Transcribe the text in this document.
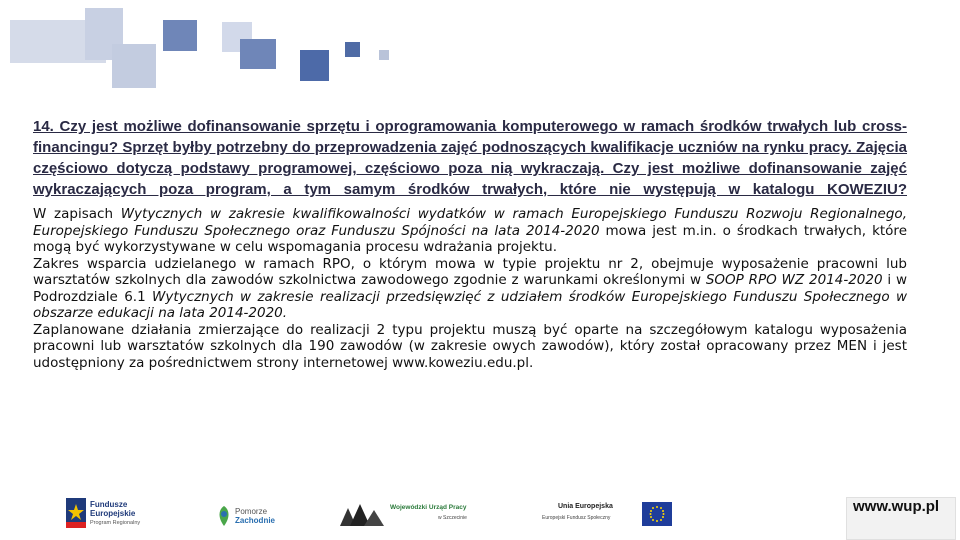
14. Czy jest możliwe dofinansowanie sprzętu i oprogramowania komputerowego w ramach środków trwałych lub cross-financingu? Sprzęt byłby potrzebny do przeprowadzenia zajęć podnoszących kwalifikacje uczniów na rynku pracy. Zajęcia częściowo dotyczą podstawy programowej, częściowo poza nią wykraczają. Czy jest możliwe dofinansowanie zajęć wykraczających poza program, a tym samym środków trwałych, które nie występują w katalogu KOWEZIU?

W zapisach Wytycznych w zakresie kwalifikowalności wydatków w ramach Europejskiego Funduszu Rozwoju Regionalnego, Europejskiego Funduszu Społecznego oraz Funduszu Spójności na lata 2014-2020 mowa jest m.in. o środkach trwałych, które mogą być wykorzystywane w celu wspomagania procesu wdrażania projektu.

Zakres wsparcia udzielanego w ramach RPO, o którym mowa w typie projektu nr 2, obejmuje wyposażenie pracowni lub warsztatów szkolnych dla zawodów szkolnictwa zawodowego zgodnie z warunkami określonymi w SOOP RPO WZ 2014-2020 i w Podrozdziale 6.1 Wytycznych w zakresie realizacji przedsięwzięć z udziałem środków Europejskiego Funduszu Społecznego w obszarze edukacji na lata 2014-2020.

Zaplanowane działania zmierzające do realizacji 2 typu projektu muszą być oparte na szczegółowym katalogu wyposażenia pracowni lub warsztatów szkolnych dla 190 zawodów (w zakresie owych zawodów), który został opracowany przez MEN i jest udostępniony za pośrednictwem strony internetowej www.koweziu.edu.pl.

Fundusze
Europejskie
Program Regionalny
Pomorze
Zachodnie
Wojewódzki Urząd Pracy
w Szczecinie
Unia Europejska
Europejski Fundusz Społeczny
www.wup.pl
